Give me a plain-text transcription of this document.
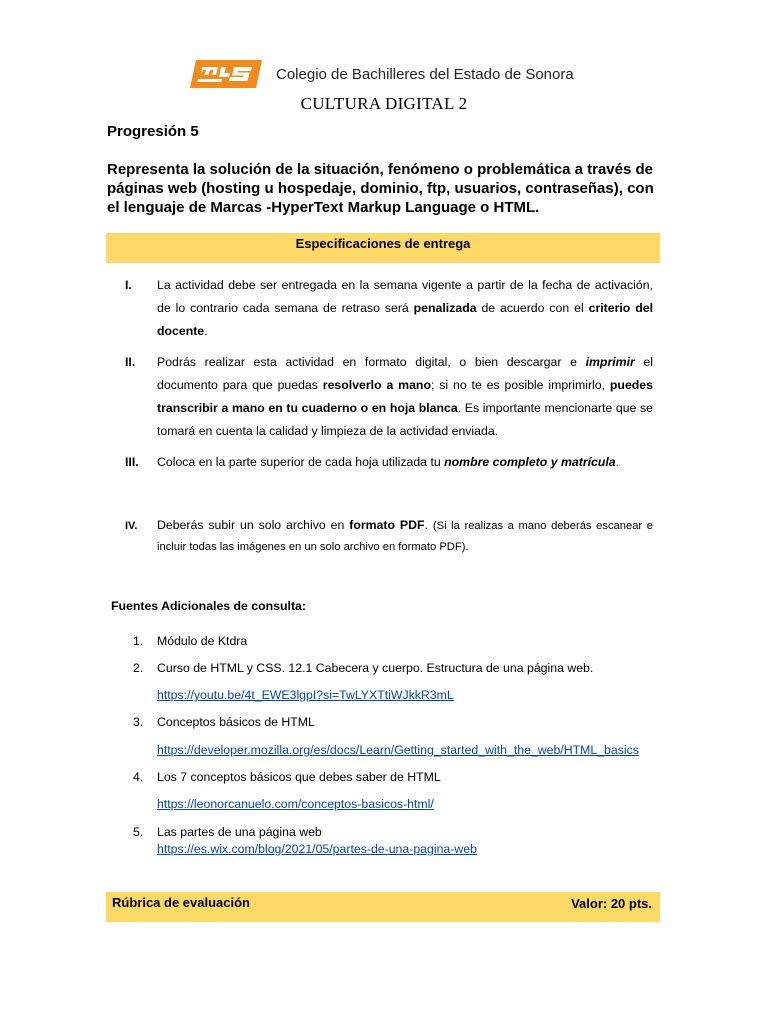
Colegio de Bachilleres del Estado de Sonora
CULTURA DIGITAL 2
Progresión 5
Representa la solución de la situación, fenómeno o problemática a través de páginas web (hosting u hospedaje, dominio, ftp, usuarios, contraseñas), con el lenguaje de Marcas -HyperText Markup Language o HTML.
Especificaciones de entrega
I. La actividad debe ser entregada en la semana vigente a partir de la fecha de activación, de lo contrario cada semana de retraso será penalizada de acuerdo con el criterio del docente.
II. Podrás realizar esta actividad en formato digital, o bien descargar e imprimir el documento para que puedas resolverlo a mano; si no te es posible imprimirlo, puedes transcribir a mano en tu cuaderno o en hoja blanca. Es importante mencionarte que se tomará en cuenta la calidad y limpieza de la actividad enviada.
III. Coloca en la parte superior de cada hoja utilizada tu nombre completo y matrícula.
IV. Deberás subir un solo archivo en formato PDF. (Si la realizas a mano deberás escanear e incluir todas las imágenes en un solo archivo en formato PDF).
Fuentes Adicionales de consulta:
1. Módulo de Ktdra
2. Curso de HTML y CSS. 12.1 Cabecera y cuerpo. Estructura de una página web.
https://youtu.be/4t_EWE3lgpI?si=TwLYXTtiWJkkR3mL
3. Conceptos básicos de HTML
https://developer.mozilla.org/es/docs/Learn/Getting_started_with_the_web/HTML_basics
4. Los 7 conceptos básicos que debes saber de HTML
https://leonorcanuelo.com/conceptos-basicos-html/
5. Las partes de una página web
https://es.wix.com/blog/2021/05/partes-de-una-pagina-web
Rúbrica de evaluación	Valor: 20 pts.
